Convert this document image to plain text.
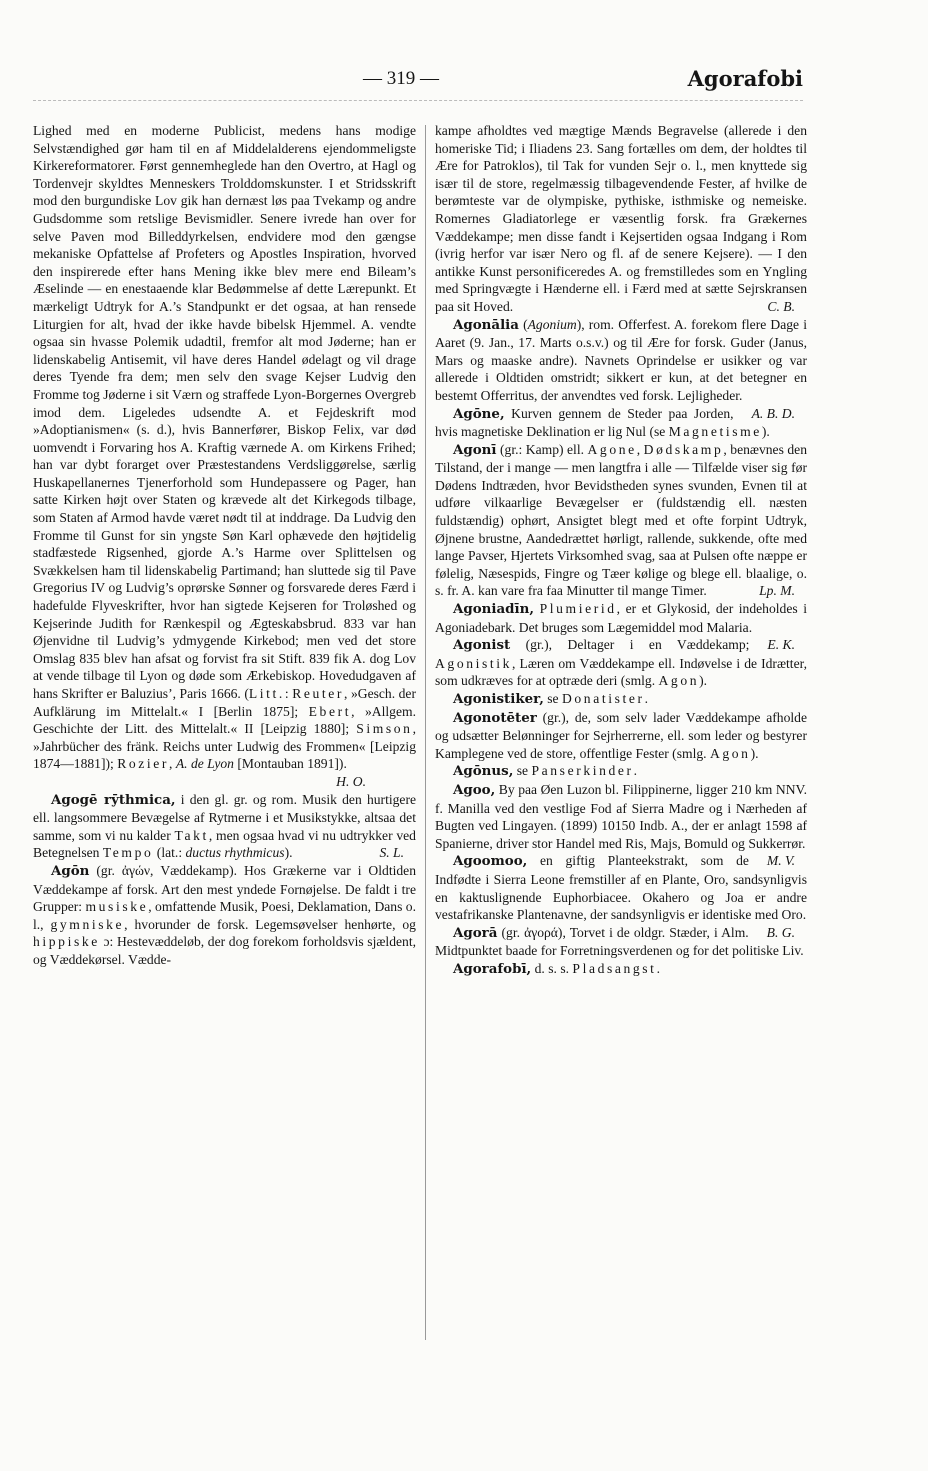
— 319 —	Agorafobi

Lighed med en moderne Publicist, medens hans modige Selvstændighed gør ham til en af Middelalderens ejendommeligste Kirkereformatorer. Først gennemheglede han den Overtro, at Hagl og Tordenvejr skyldtes Menneskers Trolddomskunster. I et Stridsskrift mod den burgundiske Lov gik han dernæst løs paa Tvekamp og andre Gudsdomme som retslige Bevismidler. Senere ivrede han over for selve Paven mod Billeddyrkelsen, endvidere mod den gængse mekaniske Opfattelse af Profeters og Apostles Inspiration, hvorved den inspirerede efter hans Mening ikke blev mere end Bileam’s Æselinde — en enestaaende klar Bedømmelse af dette Lærepunkt. Et mærkeligt Udtryk for A.’s Standpunkt er det ogsaa, at han rensede Liturgien for alt, hvad der ikke havde bibelsk Hjemmel. A. vendte ogsaa sin hvasse Polemik udadtil, fremfor alt mod Jøderne; han er lidenskabelig Antisemit, vil have deres Handel ødelagt og vil drage deres Tyende fra dem; men selv den svage Kejser Ludvig den Fromme tog Jøderne i sit Værn og straffede Lyon-Borgernes Overgreb imod dem. Ligeledes udsendte A. et Fejdeskrift mod »Adoptianismen« (s. d.), hvis Bannerfører, Biskop Felix, var død uomvendt i Forvaring hos A. Kraftig værnede A. om Kirkens Frihed; han var dybt forarget over Præstestandens Verdsliggørelse, særlig Huskapellanernes Tjenerforhold som Hundepassere og Pager, han satte Kirken højt over Staten og krævede alt det Kirkegods tilbage, som Staten af Armod havde været nødt til at inddrage. Da Ludvig den Fromme til Gunst for sin yngste Søn Karl ophævede den højtidelig stadfæstede Rigsenhed, gjorde A.’s Harme over Splittelsen og Svækkelsen ham til lidenskabelig Partimand; han sluttede sig til Pave Gregorius IV og Ludvig’s oprørske Sønner og forsvarede deres Færd i hadefulde Flyveskrifter, hvor han sigtede Kejseren for Troløshed og Kejserinde Judith for Rænkespil og Ægteskabsbrud. 833 var han Øjenvidne til Ludvig’s ydmygende Kirkebod; men ved det store Omslag 835 blev han afsat og forvist fra sit Stift. 839 fik A. dog Lov at vende tilbage til Lyon og døde som Ærkebiskop. Hovedudgaven af hans Skrifter er Baluzius’, Paris 1666. (Litt.: Reuter, »Gesch. der Aufklärung im Mittelalt.« I [Berlin 1875]; Ebert, »Allgem. Geschichte der Litt. des Mittelalt.« II [Leipzig 1880]; Simson, »Jahrbücher des fränk. Reichs unter Ludwig des Frommen« [Leipzig 1874—1881]); Rozier, A. de Lyon [Montauban 1891]).

H. O.

Agogē rȳthmica, i den gl. gr. og rom. Musik den hurtigere ell. langsommere Bevægelse af Rytmerne i et Musikstykke, altsaa det samme, som vi nu kalder Takt, men ogsaa hvad vi nu udtrykker ved Betegnelsen Tempo (lat.: ductus rhythmicus).	S. L.

Agōn (gr. ἀγών, Væddekamp). Hos Grækerne var i Oldtiden Væddekampe af forsk. Art den mest yndede Fornøjelse. De faldt i tre Grupper: musiske, omfattende Musik, Poesi, Deklamation, Dans o. l., gymniske, hvorunder de forsk. Legemsøvelser henhørte, og hippiske ɔ: Hestevæddeløb, der dog forekom forholdsvis sjældent, og Væddekørsel. Vædde-

kampe afholdtes ved mægtige Mænds Begravelse (allerede i den homeriske Tid; i Iliadens 23. Sang fortælles om dem, der holdtes til Ære for Patroklos), til Tak for vunden Sejr o. l., men knyttede sig især til de store, regelmæssig tilbagevendende Fester, af hvilke de berømteste var de olympiske, pythiske, isthmiske og nemeiske. Romernes Gladiatorlege er væsentlig forsk. fra Grækernes Væddekampe; men disse fandt i Kejsertiden ogsaa Indgang i Rom (ivrig herfor var især Nero og fl. af de senere Kejsere). — I den antikke Kunst personificeredes A. og fremstilledes som en Yngling med Springvægte i Hænderne ell. i Færd med at sætte Sejrskransen paa sit Hoved.	C. B.

Agonālia (Agonium), rom. Offerfest. A. forekom flere Dage i Aaret (9. Jan., 17. Marts o.s.v.) og til Ære for forsk. Guder (Janus, Mars og maaske andre). Navnets Oprindelse er usikker og var allerede i Oldtiden omstridt; sikkert er kun, at det betegner en bestemt Offerritus, der anvendtes ved forsk. Lejligheder.
A. B. D.

Agōne, Kurven gennem de Steder paa Jorden, hvis magnetiske Deklination er lig Nul (se Magnetisme).

Agonī (gr.: Kamp) ell. Agone, Dødskamp, benævnes den Tilstand, der i mange — men langtfra i alle — Tilfælde viser sig før Dødens Indtræden, hvor Bevidstheden synes svunden, Evnen til at udføre vilkaarlige Bevægelser er (fuldstændig ell. næsten fuldstændig) ophørt, Ansigtet blegt med et ofte forpint Udtryk, Øjnene brustne, Aandedrættet hørligt, rallende, sukkende, ofte med lange Pavser, Hjertets Virksomhed svag, saa at Pulsen ofte næppe er følelig, Næsespids, Fingre og Tæer kølige og blege ell. blaalige, o. s. fr. A. kan vare fra faa Minutter til mange Timer.	Lp. M.

Agoniadīn, Plumierid, er et Glykosid, der indeholdes i Agoniadebark. Det bruges som Lægemiddel mod Malaria.
E. K.

Agonist (gr.), Deltager i en Væddekamp; Agonistik, Læren om Væddekampe ell. Indøvelse i de Idrætter, som udkræves for at optræde deri (smlg. Agon).

Agonistiker, se Donatister.

Agonotēter (gr.), de, som selv lader Væddekampe afholde og udsætter Belønninger for Sejrherrerne, ell. som leder og bestyrer Kamplegene ved de store, offentlige Fester (smlg. Agon).

Agōnus, se Panserkinder.

Agoo, By paa Øen Luzon bl. Filippinerne, ligger 210 km NNV. f. Manilla ved den vestlige Fod af Sierra Madre og i Nærheden af Bugten ved Lingayen. (1899) 10150 Indb. A., der er anlagt 1598 af Spanierne, driver stor Handel med Ris, Majs, Bomuld og Sukkerrør.
M. V.

Agoomoo, en giftig Planteekstrakt, som de Indfødte i Sierra Leone fremstiller af en Plante, Oro, sandsynligvis en kaktuslignende Euphorbiacee. Okahero og Joa er andre vestafrikanske Plantenavne, der sandsynligvis er identiske med Oro.
B. G.

Agorā (gr. ἀγορά), Torvet i de oldgr. Stæder, i Alm. Midtpunktet baade for Forretningsverdenen og for det politiske Liv.

Agorafobī, d. s. s. Pladsangst.
